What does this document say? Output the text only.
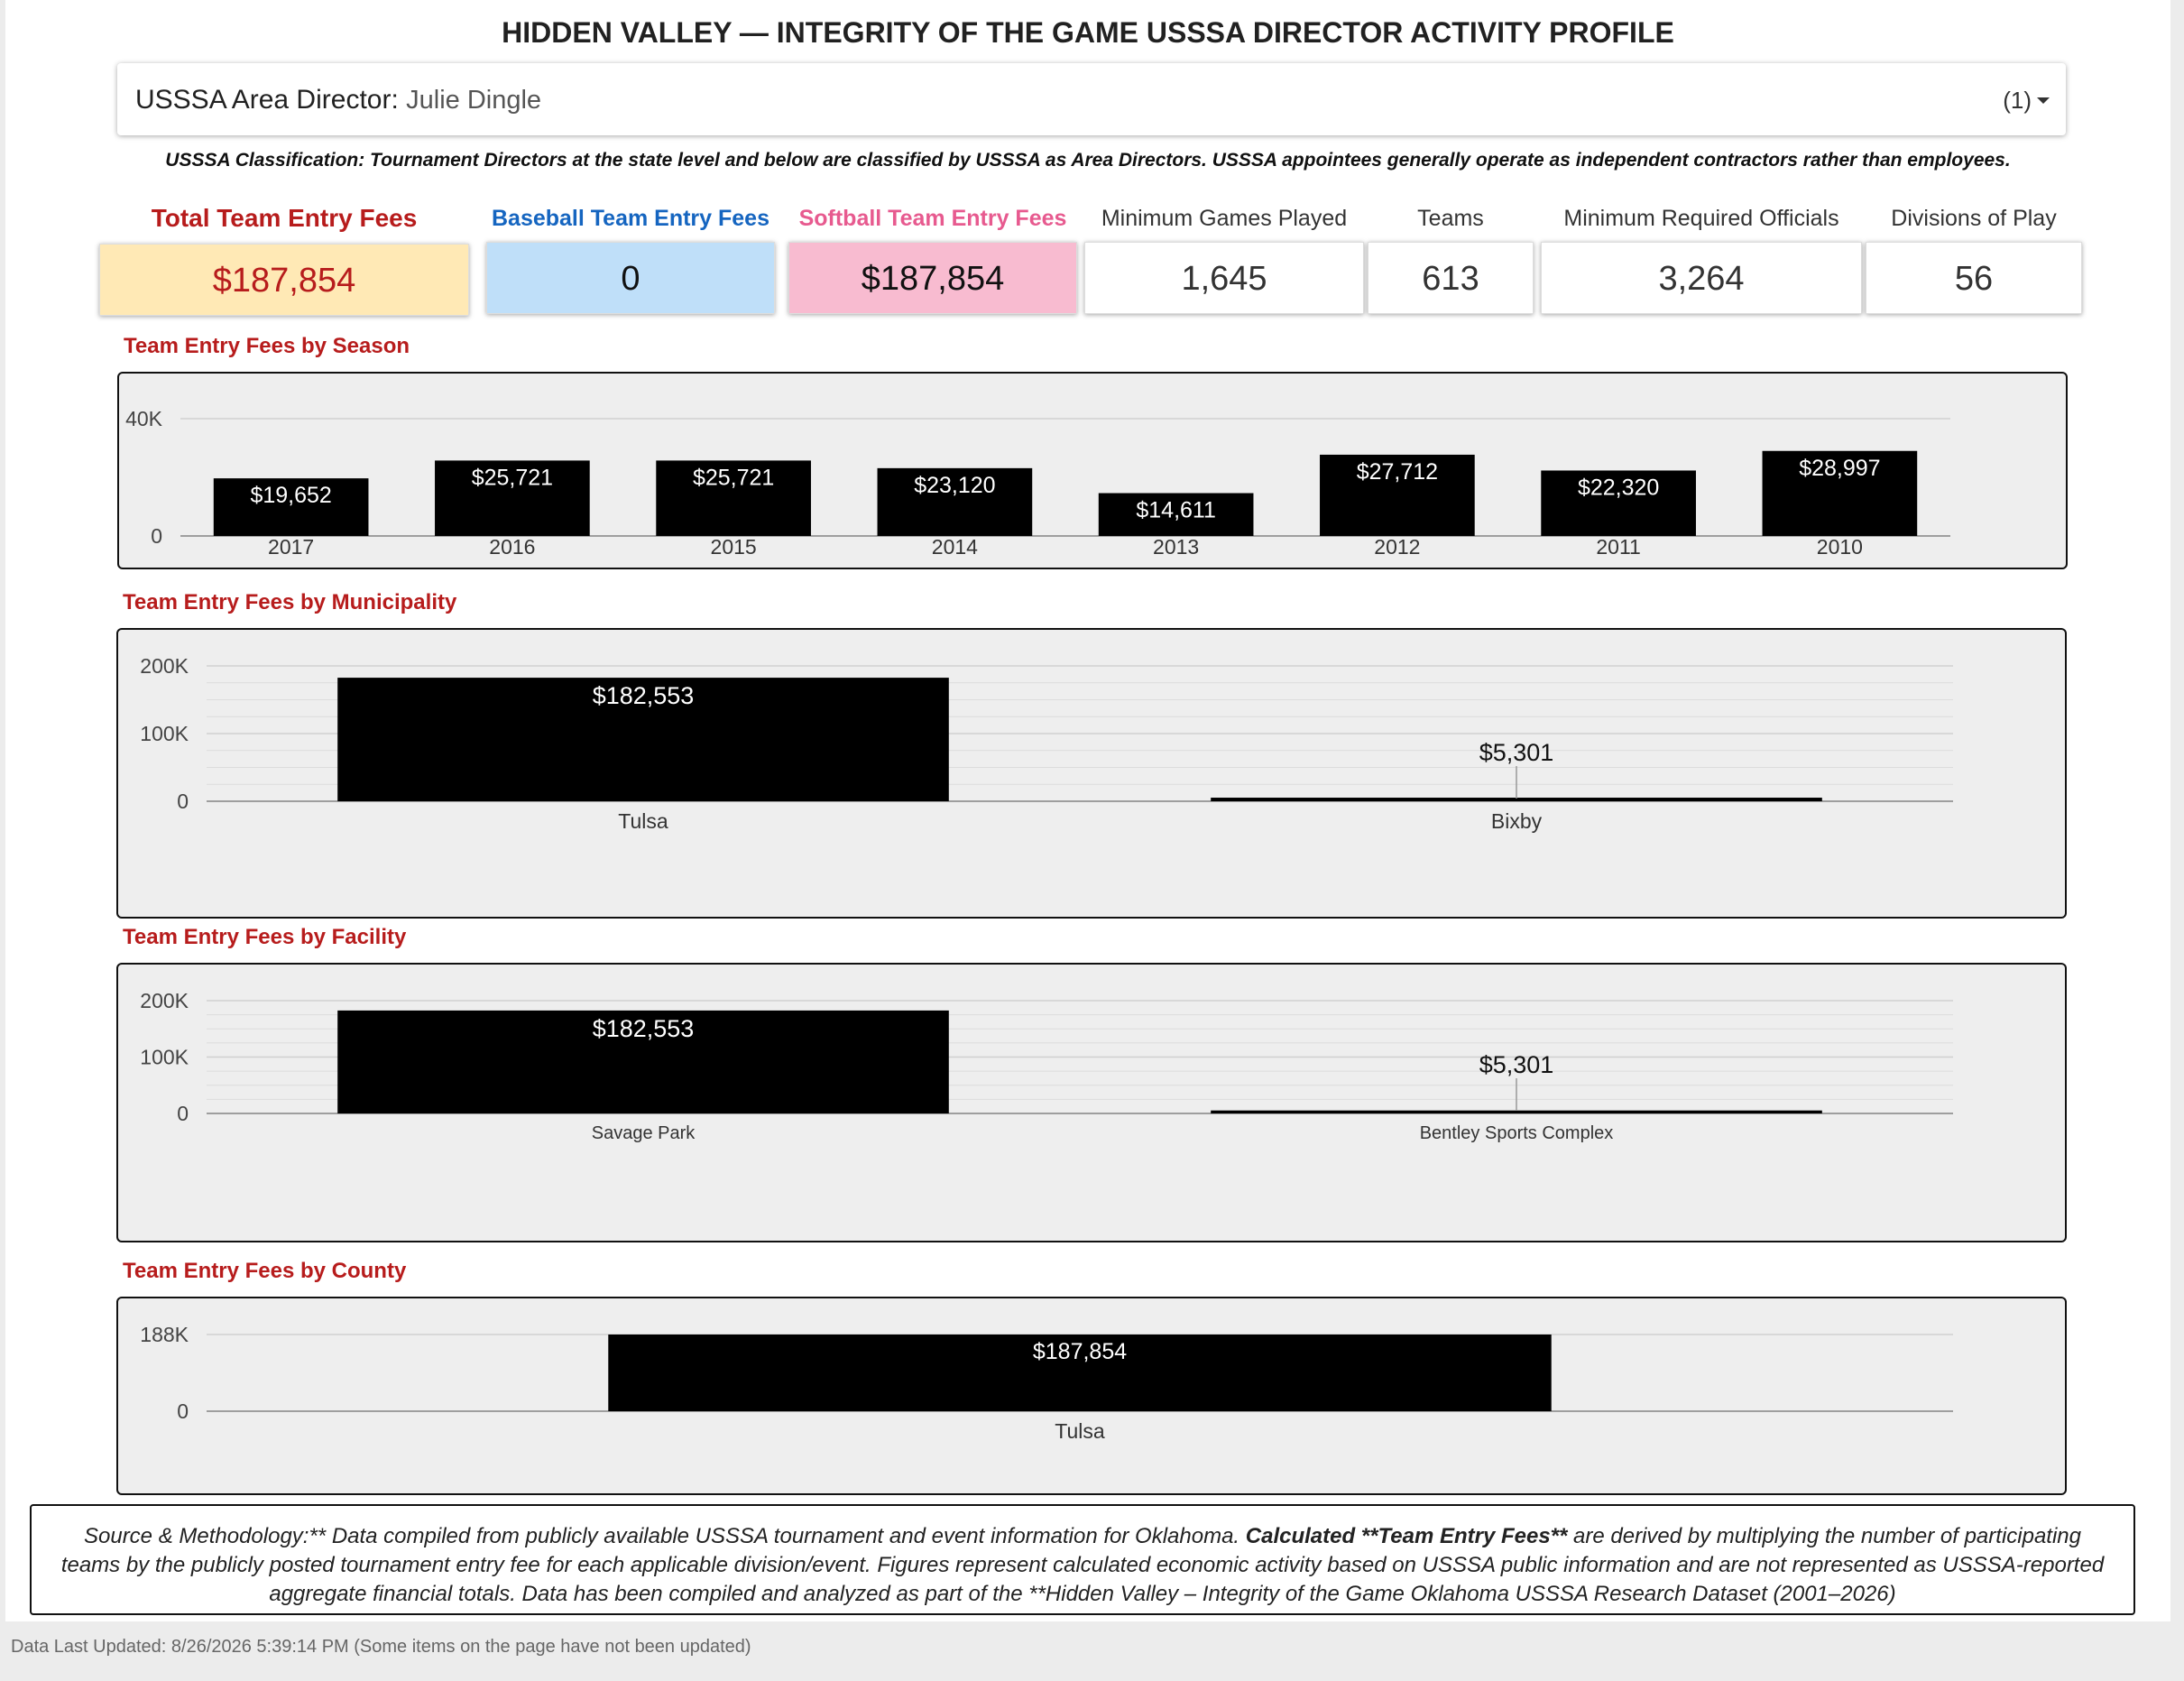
HIDDEN VALLEY — INTEGRITY OF THE GAME USSSA DIRECTOR ACTIVITY PROFILE
USSSA Area Director: Julie Dingle	(1)
USSSA Classification: Tournament Directors at the state level and below are classified by USSSA as Area Directors. USSSA appointees generally operate as independent contractors rather than employees.
Total Team Entry Fees
$187,854
Baseball Team Entry Fees
0
Softball Team Entry Fees
$187,854
Minimum Games Played
1,645
Teams
613
Minimum Required Officials
3,264
Divisions of Play
56
Team Entry Fees by Season
0
40K
$19,652
2017
$25,721
2016
$25,721
2015
$23,120
2014
$14,611
2013
$27,712
2012
$22,320
2011
$28,997
2010
Team Entry Fees by Municipality
0
100K
200K
$182,553
Tulsa
$5,301
Bixby
Team Entry Fees by Facility
0
100K
200K
$182,553
Savage Park
$5,301
Bentley Sports Complex
Team Entry Fees by County
0
188K
$187,854
Tulsa
Source & Methodology:** Data compiled from publicly available USSSA tournament and event information for Oklahoma. Calculated **Team Entry Fees** are derived by multiplying the number of participating teams by the publicly posted tournament entry fee for each applicable division/event. Figures represent calculated economic activity based on USSSA public information and are not represented as USSSA-reported aggregate financial totals. Data has been compiled and analyzed as part of the **Hidden Valley – Integrity of the Game Oklahoma USSSA Research Dataset (2001–2026)
Data Last Updated: 8/26/2026 5:39:14 PM (Some items on the page have not been updated)
